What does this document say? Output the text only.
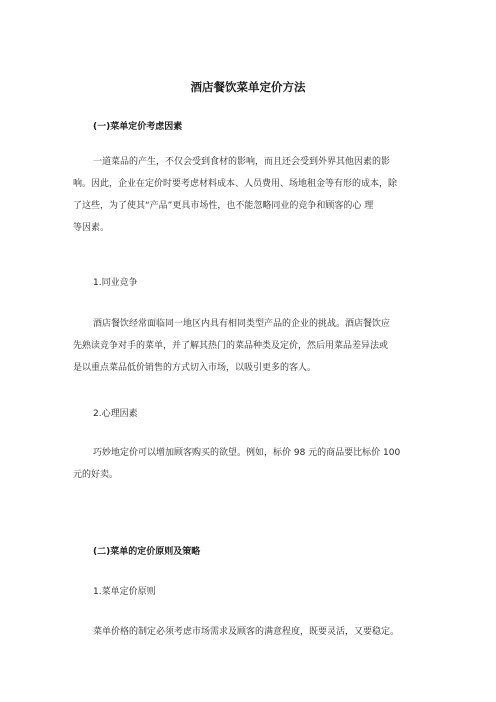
酒店餐饮菜单定价方法
(一)菜单定价考虑因素
一道菜品的产生，不仅会受到食材的影响，而且还会受到外界其他因素的影
响。因此，企业在定价时要考虑材料成本、人员费用、场地租金等有形的成本，除
了这些，为了使其“产品”更具市场性，也不能忽略同业的竞争和顾客的心 理
等因素。
1.同业竞争
酒店餐饮经常面临同一地区内具有相同类型产品的企业的挑战。酒店餐饮应
先熟读竞争对手的菜单，并了解其热门的菜品种类及定价，然后用菜品差异法或
是以重点菜品低价销售的方式切入市场，以吸引更多的客人。
2.心理因素
巧妙地定价可以增加顾客购买的欲望。例如，标价 98 元的商品要比标价 100
元的好卖。
(二)菜单的定价原则及策略
1.菜单定价原则
菜单价格的制定必须考虑市场需求及顾客的满意程度，既要灵活，又要稳定。
